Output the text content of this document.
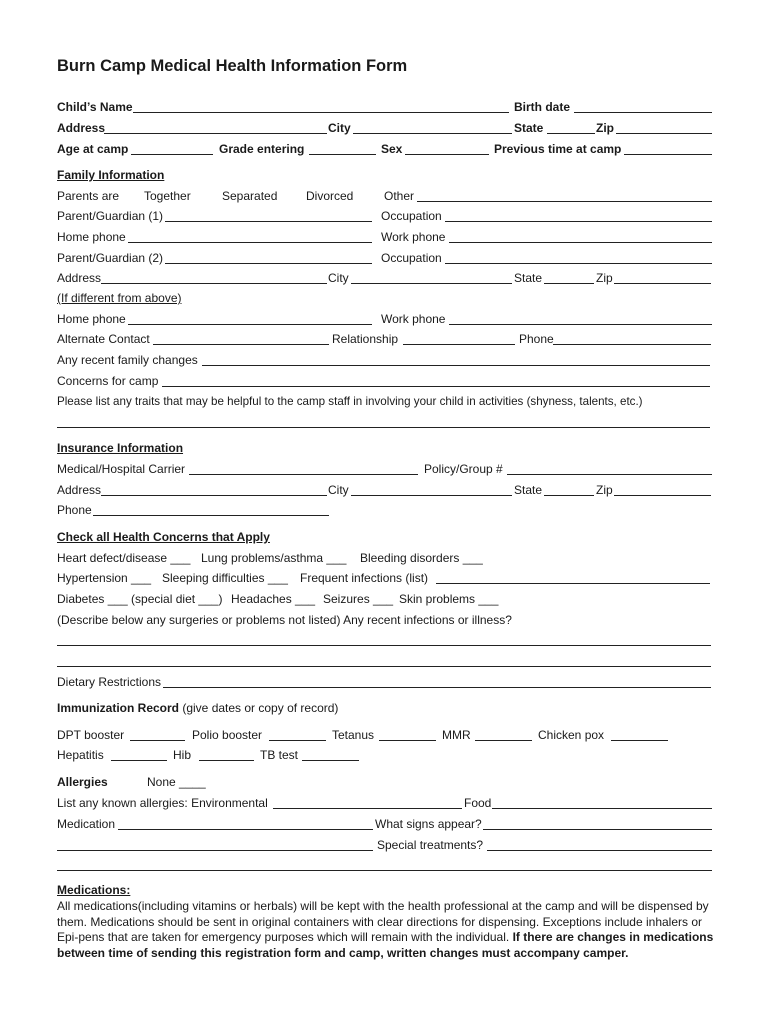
Burn Camp Medical Health Information Form
Child’s Name	Birth date
Address	City	State	Zip
Age at camp	Grade entering	Sex	Previous time at camp
Family Information
Parents are Together	Separated Divorced	Other
Parent/Guardian (1)	Occupation
Home phone	Work phone
Parent/Guardian (2)	Occupation
Address	City	State	Zip
(If different from above)
Home phone	Work phone
Alternate Contact	Relationship	Phone
Any recent family changes
Concerns for camp
Please list any traits that may be helpful to the camp staff in involving your child in activities (shyness, talents, etc.)
Insurance Information
Medical/Hospital Carrier	Policy/Group #
Address	City	State	Zip
Phone
Check all Health Concerns that Apply
Heart defect/disease ___ Lung problems/asthma ___ Bleeding disorders ___
Hypertension ___ Sleeping difficulties ___ Frequent infections (list)
Diabetes ___ (special diet ___) Headaches ___ Seizures ___ Skin problems ___
(Describe below any surgeries or problems not listed) Any recent infections or illness?
Dietary Restrictions
Immunization Record (give dates or copy of record)
DPT booster	Polio booster	Tetanus	MMR	Chicken pox
Hepatitis	Hib	TB test
Allergies	None ____
List any known allergies: Environmental	Food
Medication	What signs appear?
Special treatments?
Medications:
All medications(including vitamins or herbals) will be kept with the health professional at the camp and will be dispensed by them. Medications should be sent in original containers with clear directions for dispensing. Exceptions include inhalers or Epi-pens that are taken for emergency purposes which will remain with the individual. If there are changes in medications between time of sending this registration form and camp, written changes must accompany camper.
